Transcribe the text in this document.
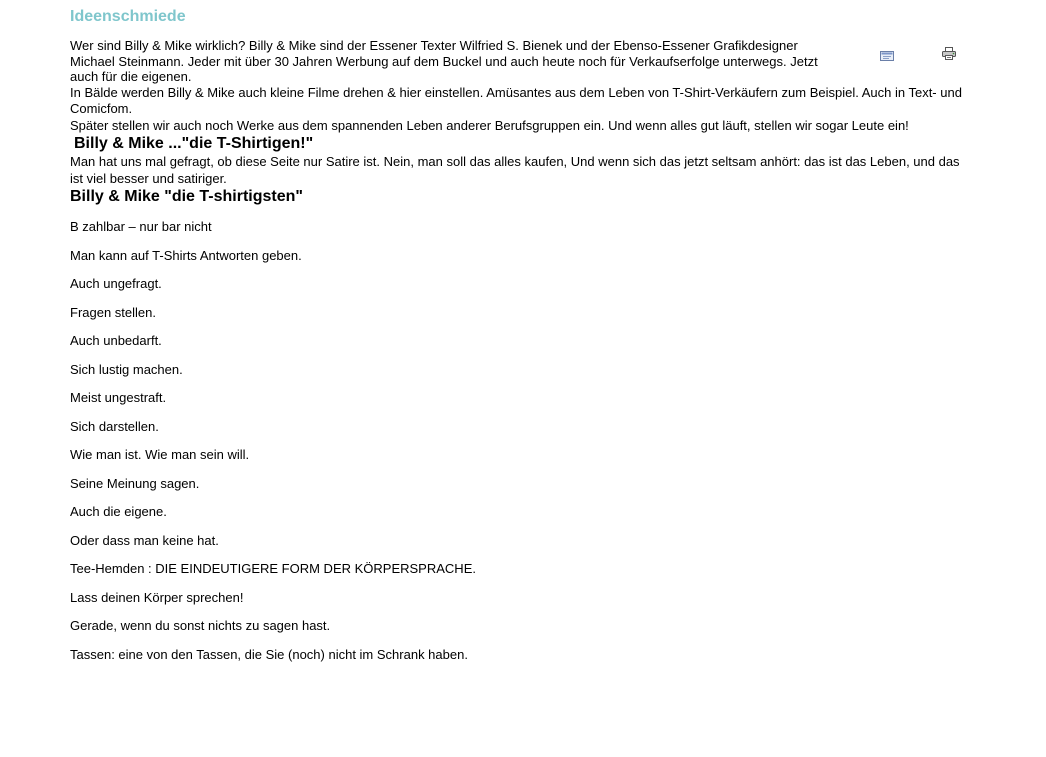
Ideenschmiede

Wer sind Billy & Mike wirklich? Billy & Mike sind der Essener Texter Wilfried S. Bienek und der Ebenso-Essener Grafikdesigner Michael Steinmann. Jeder mit über 30 Jahren Werbung auf dem Buckel und auch heute noch für Verkaufserfolge unterwegs. Jetzt auch für die eigenen.

In Bälde werden Billy & Mike auch kleine Filme drehen & hier einstellen. Amüsantes aus dem Leben von T-Shirt-Verkäufern zum Beispiel. Auch in Text- und Comicfom.

Später stellen wir auch noch Werke aus dem spannenden Leben anderer Berufsgruppen ein. Und wenn alles gut läuft, stellen wir sogar Leute ein!

Billy & Mike ..."die T-Shirtigen!"

Man hat uns mal gefragt, ob diese Seite nur Satire ist. Nein, man soll das alles kaufen, Und wenn sich das jetzt seltsam anhört: das ist das Leben, und das ist viel besser und satiriger.

Billy & Mike "die T-shirtigsten"

B zahlbar – nur bar nicht

Man kann auf T-Shirts Antworten geben.

Auch ungefragt.

Fragen stellen.

Auch unbedarft.

Sich lustig machen.

Meist ungestraft.

Sich darstellen.

Wie man ist. Wie man sein will.

Seine Meinung sagen.

Auch die eigene.

Oder dass man keine hat.

Tee-Hemden : DIE EINDEUTIGERE FORM DER KÖRPERSPRACHE.

Lass deinen Körper sprechen!

Gerade, wenn du sonst nichts zu sagen hast.

Tassen: eine von den Tassen, die Sie (noch) nicht im Schrank haben.
